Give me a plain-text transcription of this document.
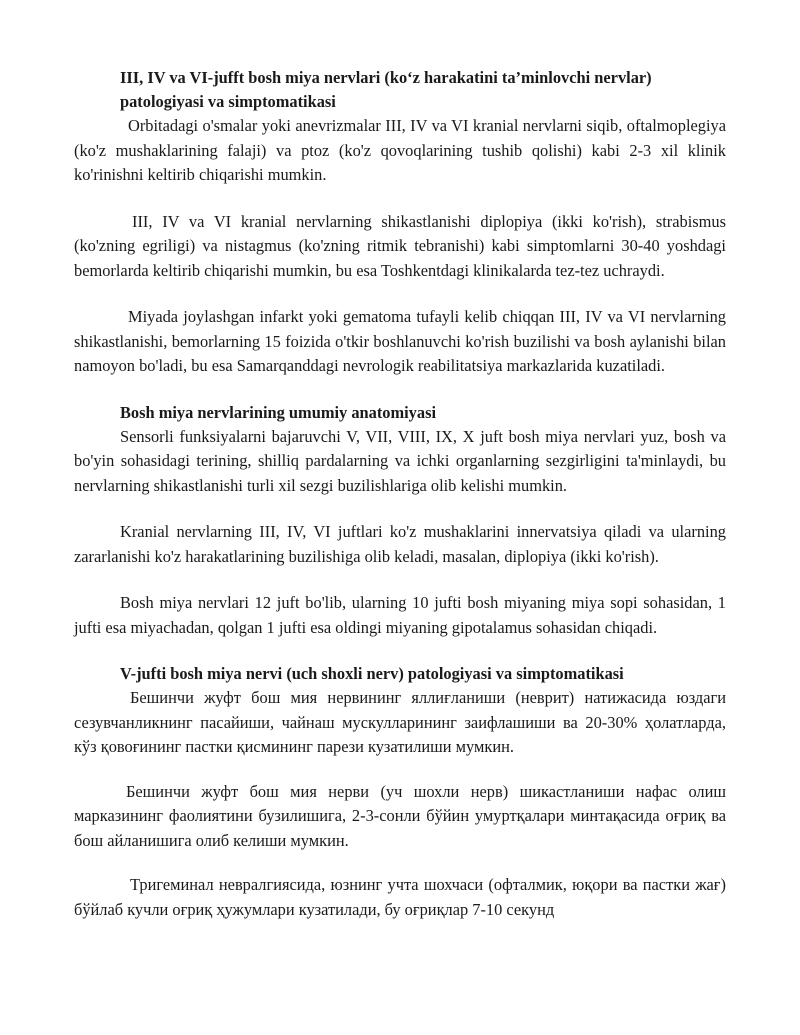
III, IV va VI-jufft bosh miya nervlari (ko‘z harakatini ta’minlovchi nervlar) patologiyasi va simptomatikasi

Orbitadagi o'smalar yoki anevrizmalar III, IV va VI kranial nervlarni siqib, oftalmoplegiya (ko'z mushaklarining falaji) va ptoz (ko'z qovoqlarining tushib qolishi) kabi 2-3 xil klinik ko'rinishni keltirib chiqarishi mumkin.

III, IV va VI kranial nervlarning shikastlanishi diplopiya (ikki ko'rish), strabismus (ko'zning egriligi) va nistagmus (ko'zning ritmik tebranishi) kabi simptomlarni 30-40 yoshdagi bemorlarda keltirib chiqarishi mumkin, bu esa Toshkentdagi klinikalarda tez-tez uchraydi.

Miyada joylashgan infarkt yoki gematoma tufayli kelib chiqqan III, IV va VI nervlarning shikastlanishi, bemorlarning 15 foizida o'tkir boshlanuvchi ko'rish buzilishi va bosh aylanishi bilan namoyon bo'ladi, bu esa Samarqanddagi nevrologik reabilitatsiya markazlarida kuzatiladi.

Bosh miya nervlarining umumiy anatomiyasi

Sensorli funksiyalarni bajaruvchi V, VII, VIII, IX, X juft bosh miya nervlari yuz, bosh va bo'yin sohasidagi terining, shilliq pardalarning va ichki organlarning sezgirligini ta'minlaydi, bu nervlarning shikastlanishi turli xil sezgi buzilishlariga olib kelishi mumkin.

Kranial nervlarning III, IV, VI juftlari ko'z mushaklarini innervatsiya qiladi va ularning zararlanishi ko'z harakatlarining buzilishiga olib keladi, masalan, diplopiya (ikki ko'rish).

Bosh miya nervlari 12 juft bo'lib, ularning 10 jufti bosh miyaning miya sopi sohasidan, 1 jufti esa miyachadan, qolgan 1 jufti esa oldingi miyaning gipotalamus sohasidan chiqadi.

V-jufti bosh miya nervi (uch shoxli nerv) patologiyasi va simptomatikasi

Бешинчи жуфт бош мия нервининг яллиғланиши (неврит) натижасида юздаги сезувчанликнинг пасайиши, чайнаш мускулларининг заифлашиши ва 20-30% ҳолатларда, кўз қовоғининг пастки қисмининг парези кузатилиши мумкин.

Бешинчи жуфт бош мия нерви (уч шохли нерв) шикастланиши нафас олиш марказининг фаолиятини бузилишига, 2-3-сонли бўйин умуртқалари минтақасида оғриқ ва бош айланишига олиб келиши мумкин.

Тригеминал невралгиясида, юзнинг учта шохчаси (офталмик, юқори ва пастки жағ) бўйлаб кучли оғриқ ҳужумлари кузатилади, бу оғриқлар 7-10 секунд
